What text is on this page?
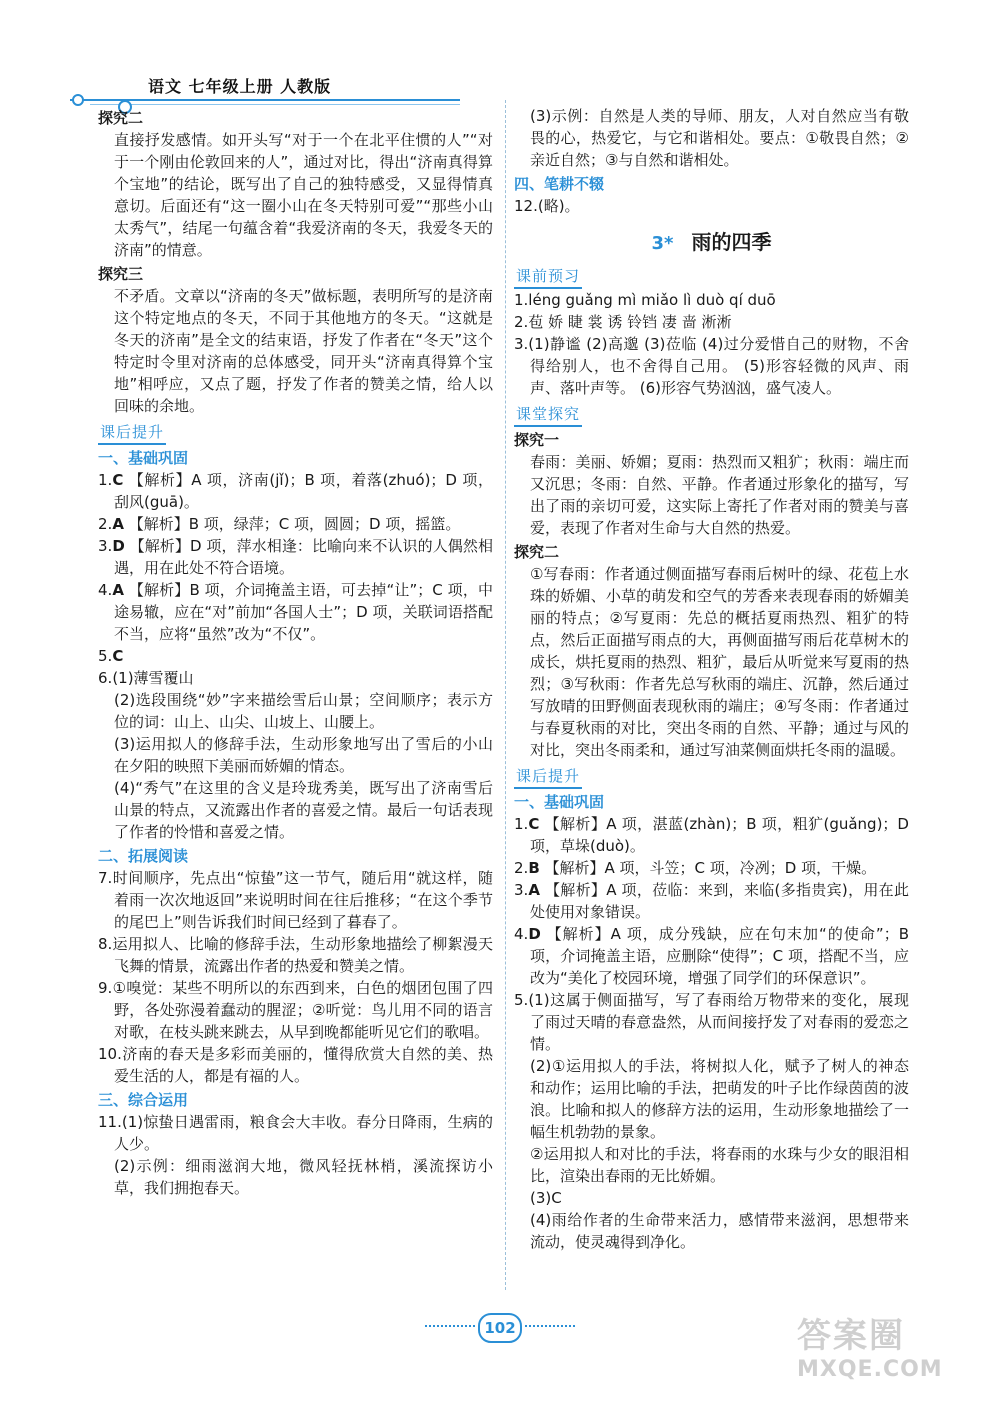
语文 七年级上册 人教版
探究二
直接抒发感情。如开头写“对于一个在北平住惯的人”“对于一个刚由伦敦回来的人”，通过对比，得出“济南真得算个宝地”的结论，既写出了自己的独特感受，又显得情真意切。后面还有“这一圈小山在冬天特别可爱”“那些小山太秀气”，结尾一句蕴含着“我爱济南的冬天，我爱冬天的济南”的情意。
探究三
不矛盾。文章以“济南的冬天”做标题，表明所写的是济南这个特定地点的冬天，不同于其他地方的冬天。“这就是冬天的济南”是全文的结束语，抒发了作者在“冬天”这个特定时令里对济南的总体感受，同开头“济南真得算个宝地”相呼应，又点了题，抒发了作者的赞美之情，给人以回味的余地。
课后提升
一、基础巩固
1.C 【解析】A 项，济南(jǐ)；B 项，着落(zhuó)；D 项，刮风(guā)。
2.A 【解析】B 项，绿萍；C 项，圆圆；D 项，摇篮。
3.D 【解析】D 项，萍水相逢：比喻向来不认识的人偶然相遇，用在此处不符合语境。
4.A 【解析】B 项，介词掩盖主语，可去掉“让”；C 项，中途易辙，应在“对”前加“各国人士”；D 项，关联词语搭配不当，应将“虽然”改为“不仅”。
5.C
6.(1)薄雪覆山
(2)选段围绕“妙”字来描绘雪后山景；空间顺序；表示方位的词：山上、山尖、山坡上、山腰上。
(3)运用拟人的修辞手法，生动形象地写出了雪后的小山在夕阳的映照下美丽而娇媚的情态。
(4)“秀气”在这里的含义是玲珑秀美，既写出了济南雪后山景的特点，又流露出作者的喜爱之情。最后一句话表现了作者的怜惜和喜爱之情。
二、拓展阅读
7.时间顺序，先点出“惊蛰”这一节气，随后用“就这样，随着雨一次次地返回”来说明时间在往后推移；“在这个季节的尾巴上”则告诉我们时间已经到了暮春了。
8.运用拟人、比喻的修辞手法，生动形象地描绘了柳絮漫天飞舞的情景，流露出作者的热爱和赞美之情。
9.①嗅觉：某些不明所以的东西到来，白色的烟团包围了四野，各处弥漫着蠢动的腥涩；②听觉：鸟儿用不同的语言对歌，在枝头跳来跳去，从早到晚都能听见它们的歌唱。
10.济南的春天是多彩而美丽的，懂得欣赏大自然的美、热爱生活的人，都是有福的人。
三、综合运用
11.(1)惊蛰日遇雷雨，粮食会大丰收。春分日降雨，生病的人少。
(2)示例：细雨滋润大地，微风轻抚林梢，溪流探访小草，我们拥抱春天。
(3)示例：自然是人类的导师、朋友，人对自然应当有敬畏的心，热爱它，与它和谐相处。要点：①敬畏自然；②亲近自然；③与自然和谐相处。
四、笔耕不辍
12.(略)。
3* 雨的四季
课前预习
1.léng guǎng mì miǎo lì duò qí duō
2.苞 娇 睫 裳 诱 铃铛 凄 啬 淅淅
3.(1)静谧 (2)高邈 (3)莅临 (4)过分爱惜自己的财物，不舍得给别人，也不舍得自己用。 (5)形容轻微的风声、雨声、落叶声等。 (6)形容气势汹汹，盛气凌人。
课堂探究
探究一
春雨：美丽、娇媚；夏雨：热烈而又粗犷；秋雨：端庄而又沉思；冬雨：自然、平静。作者通过形象化的描写，写出了雨的亲切可爱，这实际上寄托了作者对雨的赞美与喜爱，表现了作者对生命与大自然的热爱。
探究二
①写春雨：作者通过侧面描写春雨后树叶的绿、花苞上水珠的娇媚、小草的萌发和空气的芳香来表现春雨的娇媚美丽的特点；②写夏雨：先总的概括夏雨热烈、粗犷的特点，然后正面描写雨点的大，再侧面描写雨后花草树木的成长，烘托夏雨的热烈、粗犷，最后从听觉来写夏雨的热烈；③写秋雨：作者先总写秋雨的端庄、沉静，然后通过写放晴的田野侧面表现秋雨的端庄；④写冬雨：作者通过与春夏秋雨的对比，突出冬雨的自然、平静；通过与风的对比，突出冬雨柔和，通过写油菜侧面烘托冬雨的温暖。
课后提升
一、基础巩固
1.C 【解析】A 项，湛蓝(zhàn)；B 项，粗犷(guǎng)；D 项，草垛(duò)。
2.B 【解析】A 项，斗笠；C 项，冷冽；D 项，干燥。
3.A 【解析】A 项，莅临：来到，来临(多指贵宾)，用在此处使用对象错误。
4.D 【解析】A 项，成分残缺，应在句末加“的使命”；B 项，介词掩盖主语，应删除“使得”；C 项，搭配不当，应改为“美化了校园环境，增强了同学们的环保意识”。
5.(1)这属于侧面描写，写了春雨给万物带来的变化，展现了雨过天晴的春意盎然，从而间接抒发了对春雨的爱恋之情。
(2)①运用拟人的手法，将树拟人化，赋予了树人的神态和动作；运用比喻的手法，把萌发的叶子比作绿茵茵的波浪。比喻和拟人的修辞方法的运用，生动形象地描绘了一幅生机勃勃的景象。
②运用拟人和对比的手法，将春雨的水珠与少女的眼泪相比，渲染出春雨的无比娇媚。
(3)C
(4)雨给作者的生命带来活力，感情带来滋润，思想带来流动，使灵魂得到净化。
102	答案圈
MXQE.COM
